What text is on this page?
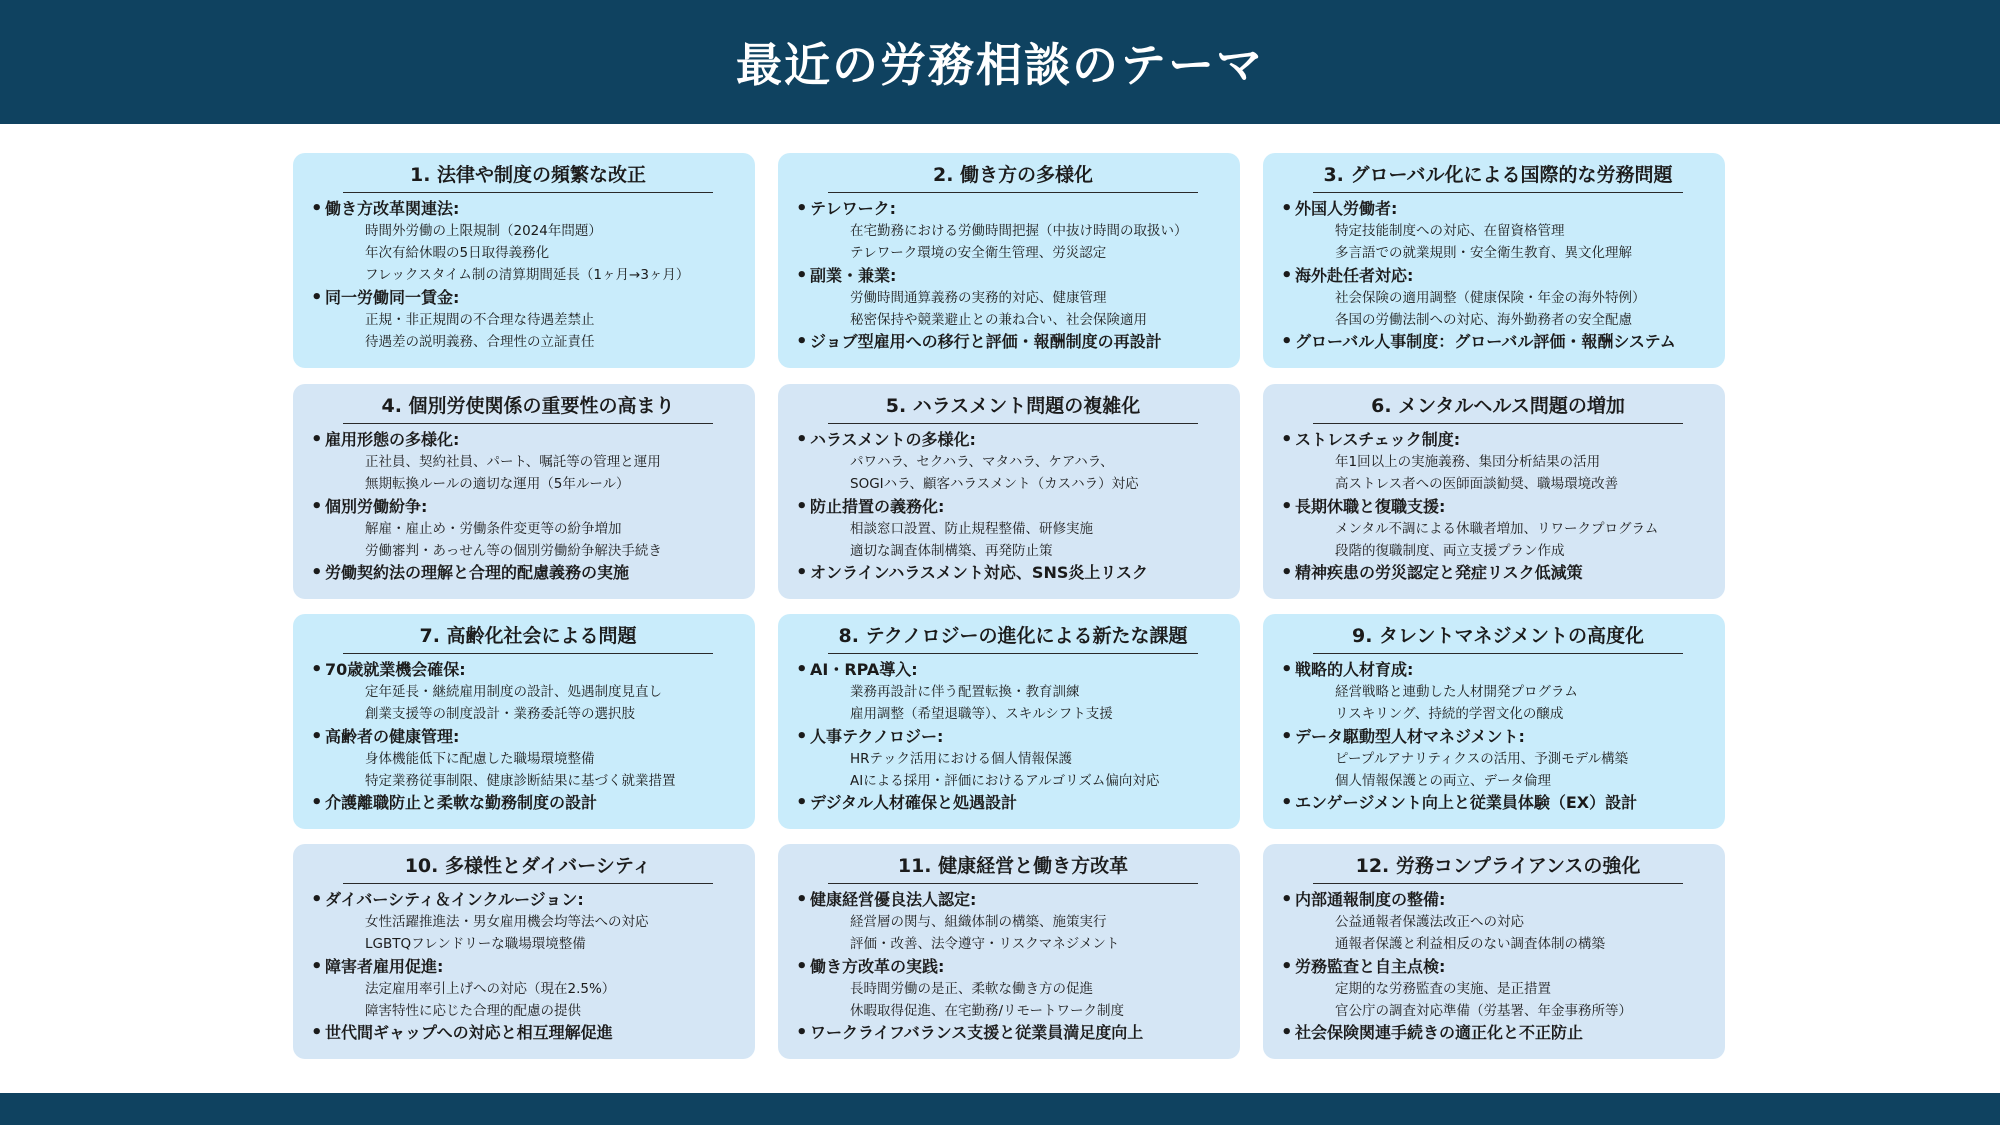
最近の労務相談のテーマ
1. 法律や制度の頻繁な改正
• 働き方改革関連法:
時間外労働の上限規制（2024年問題）
年次有給休暇の5日取得義務化
フレックスタイム制の清算期間延長（1ヶ月→3ヶ月）
• 同一労働同一賃金:
正規・非正規間の不合理な待遇差禁止
待遇差の説明義務、合理性の立証責任
2. 働き方の多様化
• テレワーク:
在宅勤務における労働時間把握（中抜け時間の取扱い）
テレワーク環境の安全衛生管理、労災認定
• 副業・兼業:
労働時間通算義務の実務的対応、健康管理
秘密保持や競業避止との兼ね合い、社会保険適用
• ジョブ型雇用への移行と評価・報酬制度の再設計
3. グローバル化による国際的な労務問題
• 外国人労働者:
特定技能制度への対応、在留資格管理
多言語での就業規則・安全衛生教育、異文化理解
• 海外赴任者対応:
社会保険の適用調整（健康保険・年金の海外特例）
各国の労働法制への対応、海外勤務者の安全配慮
• グローバル人事制度：グローバル評価・報酬システム
4. 個別労使関係の重要性の高まり
• 雇用形態の多様化:
正社員、契約社員、パート、嘱託等の管理と運用
無期転換ルールの適切な運用（5年ルール）
• 個別労働紛争:
解雇・雇止め・労働条件変更等の紛争増加
労働審判・あっせん等の個別労働紛争解決手続き
• 労働契約法の理解と合理的配慮義務の実施
5. ハラスメント問題の複雑化
• ハラスメントの多様化:
パワハラ、セクハラ、マタハラ、ケアハラ、
SOGIハラ、顧客ハラスメント（カスハラ）対応
• 防止措置の義務化:
相談窓口設置、防止規程整備、研修実施
適切な調査体制構築、再発防止策
• オンラインハラスメント対応、SNS炎上リスク
6. メンタルヘルス問題の増加
• ストレスチェック制度:
年1回以上の実施義務、集団分析結果の活用
高ストレス者への医師面談勧奨、職場環境改善
• 長期休職と復職支援:
メンタル不調による休職者増加、リワークプログラム
段階的復職制度、両立支援プラン作成
• 精神疾患の労災認定と発症リスク低減策
7. 高齢化社会による問題
• 70歳就業機会確保:
定年延長・継続雇用制度の設計、処遇制度見直し
創業支援等の制度設計・業務委託等の選択肢
• 高齢者の健康管理:
身体機能低下に配慮した職場環境整備
特定業務従事制限、健康診断結果に基づく就業措置
• 介護離職防止と柔軟な勤務制度の設計
8. テクノロジーの進化による新たな課題
• AI・RPA導入:
業務再設計に伴う配置転換・教育訓練
雇用調整（希望退職等）、スキルシフト支援
• 人事テクノロジー:
HRテック活用における個人情報保護
AIによる採用・評価におけるアルゴリズム偏向対応
• デジタル人材確保と処遇設計
9. タレントマネジメントの高度化
• 戦略的人材育成:
経営戦略と連動した人材開発プログラム
リスキリング、持続的学習文化の醸成
• データ駆動型人材マネジメント:
ピープルアナリティクスの活用、予測モデル構築
個人情報保護との両立、データ倫理
• エンゲージメント向上と従業員体験（EX）設計
10. 多様性とダイバーシティ
• ダイバーシティ＆インクルージョン:
女性活躍推進法・男女雇用機会均等法への対応
LGBTQフレンドリーな職場環境整備
• 障害者雇用促進:
法定雇用率引上げへの対応（現在2.5%）
障害特性に応じた合理的配慮の提供
• 世代間ギャップへの対応と相互理解促進
11. 健康経営と働き方改革
• 健康経営優良法人認定:
経営層の関与、組織体制の構築、施策実行
評価・改善、法令遵守・リスクマネジメント
• 働き方改革の実践:
長時間労働の是正、柔軟な働き方の促進
休暇取得促進、在宅勤務/リモートワーク制度
• ワークライフバランス支援と従業員満足度向上
12. 労務コンプライアンスの強化
• 内部通報制度の整備:
公益通報者保護法改正への対応
通報者保護と利益相反のない調査体制の構築
• 労務監査と自主点検:
定期的な労務監査の実施、是正措置
官公庁の調査対応準備（労基署、年金事務所等）
• 社会保険関連手続きの適正化と不正防止
